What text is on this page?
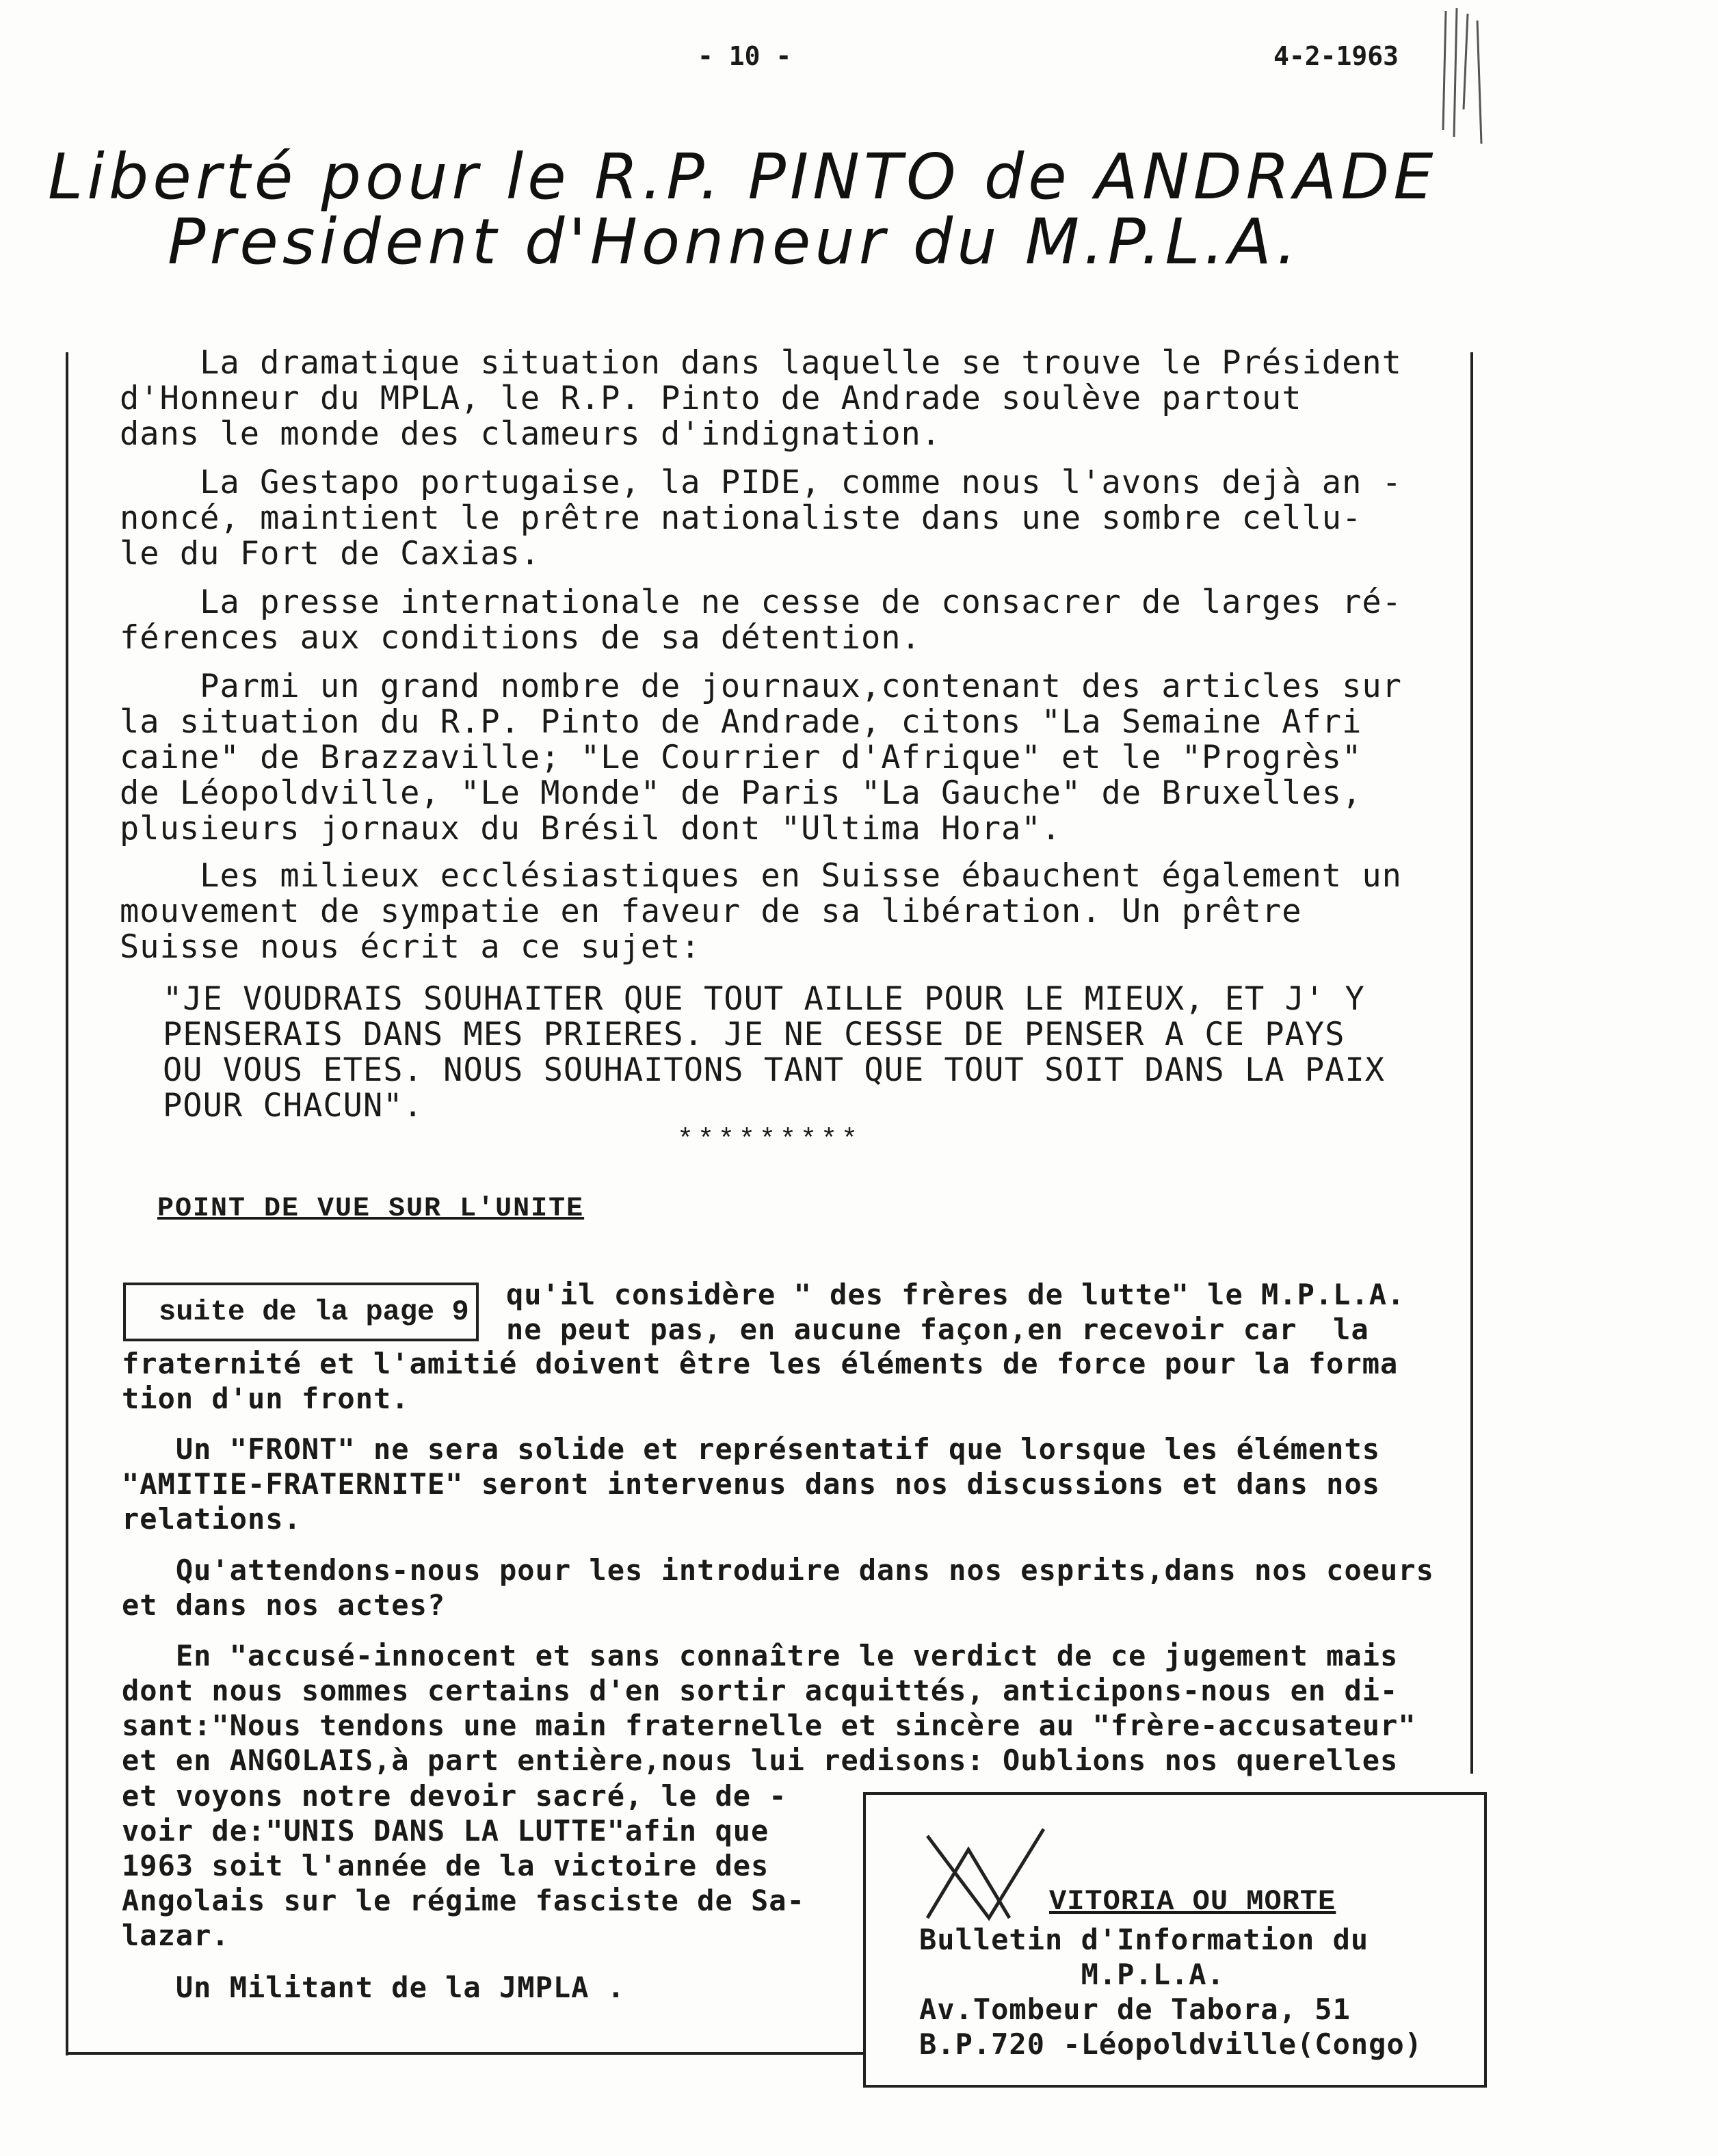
- 10 -	4-2-1963
Liberté pour le R.P. PINTO de ANDRADE
President d'Honneur du M.P.L.A.
La dramatique situation dans laquelle se trouve le Président
d'Honneur du MPLA, le R.P. Pinto de Andrade soulève partout
dans le monde des clameurs d'indignation.
La Gestapo portugaise, la PIDE, comme nous l'avons dejà an -
noncé, maintient le prêtre nationaliste dans une sombre cellu-
le du Fort de Caxias.
La presse internationale ne cesse de consacrer de larges ré-
férences aux conditions de sa détention.
Parmi un grand nombre de journaux,contenant des articles sur
la situation du R.P. Pinto de Andrade, citons "La Semaine Afri
caine" de Brazzaville; "Le Courrier d'Afrique" et le "Progrès"
de Léopoldville, "Le Monde" de Paris "La Gauche" de Bruxelles,
plusieurs jornaux du Brésil dont "Ultima Hora".
Les milieux ecclésiastiques en Suisse ébauchent également un
mouvement de sympatie en faveur de sa libération. Un prêtre
Suisse nous écrit a ce sujet:
"JE VOUDRAIS SOUHAITER QUE TOUT AILLE POUR LE MIEUX, ET J' Y
PENSERAIS DANS MES PRIERES. JE NE CESSE DE PENSER A CE PAYS
OU VOUS ETES. NOUS SOUHAITONS TANT QUE TOUT SOIT DANS LA PAIX
POUR CHACUN".
*********
POINT DE VUE SUR L'UNITE
suite de la page 9
qu'il considère " des frères de lutte" le M.P.L.A.
ne peut pas, en aucune façon,en recevoir car  la
fraternité et l'amitié doivent être les éléments de force pour la forma
tion d'un front.
Un "FRONT" ne sera solide et représentatif que lorsque les éléments
"AMITIE-FRATERNITE" seront intervenus dans nos discussions et dans nos
relations.
Qu'attendons-nous pour les introduire dans nos esprits,dans nos coeurs
et dans nos actes?
En "accusé-innocent et sans connaître le verdict de ce jugement mais
dont nous sommes certains d'en sortir acquittés, anticipons-nous en di-
sant:"Nous tendons une main fraternelle et sincère au "frère-accusateur"
et en ANGOLAIS,à part entière,nous lui redisons: Oublions nos querelles
et voyons notre devoir sacré, le de -
voir de:"UNIS DANS LA LUTTE"afin que
1963 soit l'année de la victoire des
Angolais sur le régime fasciste de Sa-
lazar.
Un Militant de la JMPLA .
VITORIA OU MORTE
Bulletin d'Information du
M.P.L.A.
Av.Tombeur de Tabora, 51
B.P.720 -Léopoldville(Congo)
